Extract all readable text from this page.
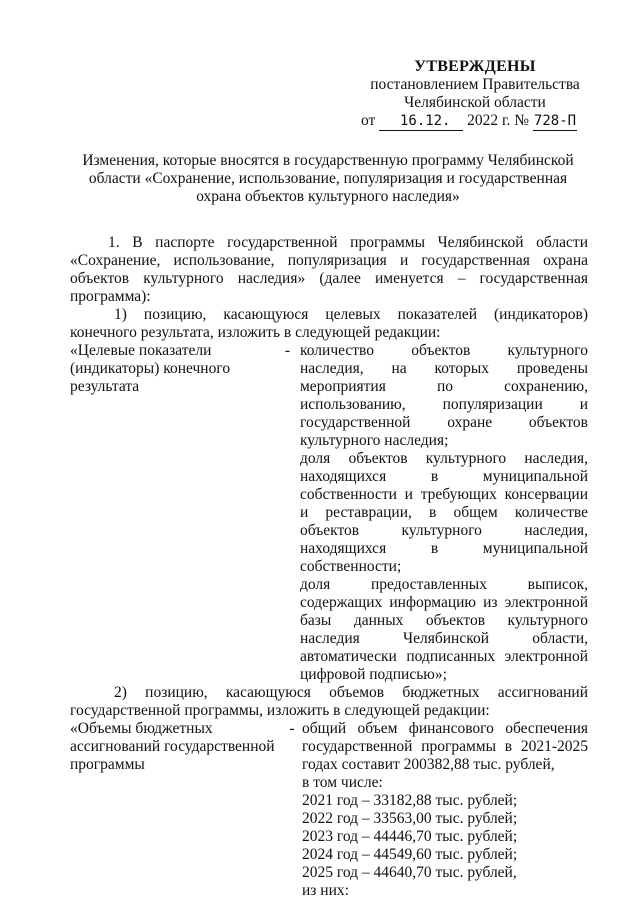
УТВЕРЖДЕНЫ
постановлением Правительства
Челябинской области
от 16.12. 2022 г. № 728-П
Изменения, которые вносятся в государственную программу Челябинской области «Сохранение, использование, популяризация и государственная охрана объектов культурного наследия»
1. В паспорте государственной программы Челябинской области «Сохранение, использование, популяризация и государственная охрана объектов культурного наследия» (далее именуется – государственная программа):
1) позицию, касающуюся целевых показателей (индикаторов) конечного результата, изложить в следующей редакции:
«Целевые показатели (индикаторы) конечного результата
- количество объектов культурного наследия, на которых проведены мероприятия по сохранению, использованию, популяризации и государственной охране объектов культурного наследия;

доля объектов культурного наследия, находящихся в муниципальной собственности и требующих консервации и реставрации, в общем количестве объектов культурного наследия, находящихся в муниципальной собственности;

доля предоставленных выписок, содержащих информацию из электронной базы данных объектов культурного наследия Челябинской области, автоматически подписанных электронной цифровой подписью»;

2) позицию, касающуюся объемов бюджетных ассигнований государственной программы, изложить в следующей редакции:
«Объемы бюджетных ассигнований государственной программы
- общий объем финансового обеспечения государственной программы в 2021-2025 годах составит 200382,88 тыс. рублей,

в том числе:

2021 год – 33182,88 тыс. рублей;

2022 год – 33563,00 тыс. рублей;

2023 год – 44446,70 тыс. рублей;

2024 год – 44549,60 тыс. рублей;

2025 год – 44640,70 тыс. рублей,

из них:
